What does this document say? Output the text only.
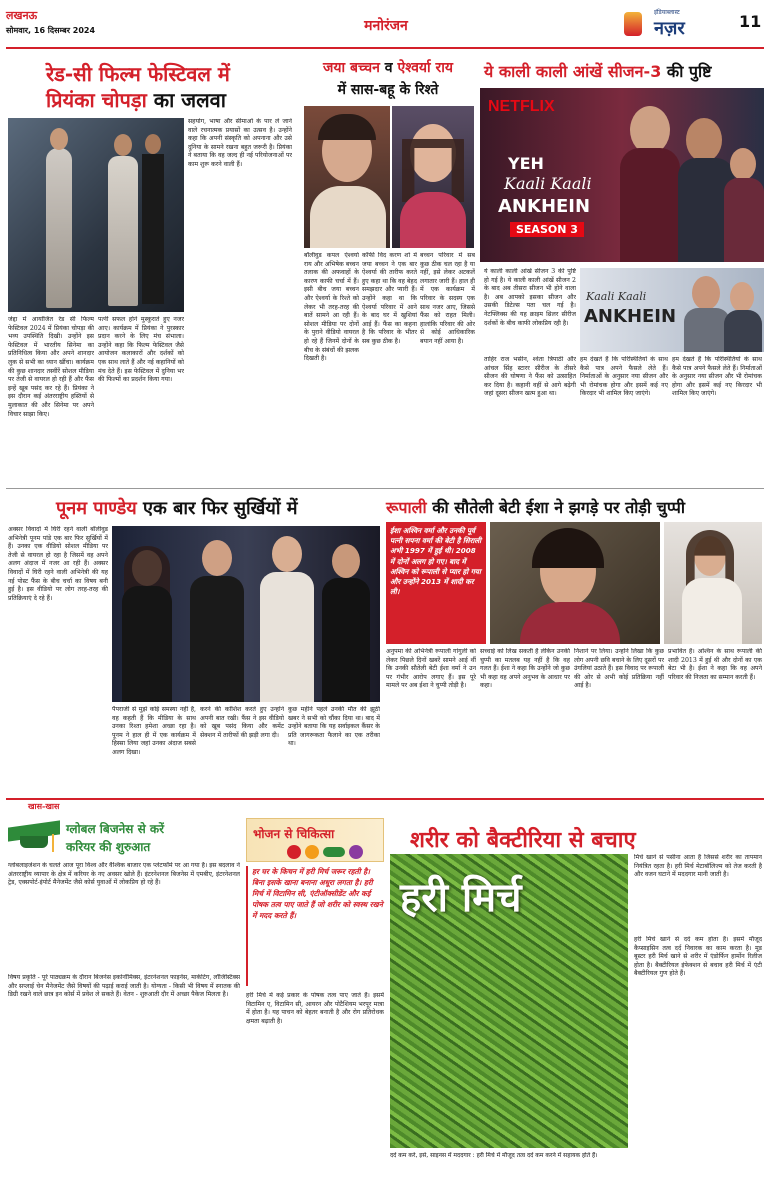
लखनऊ
सोमवार, 16 दिसम्बर 2024	मनोरंजन
इंडियाब्लास्ट
नज़र	11
रेड-सी फिल्म फेस्टिवल में
प्रियंका चोपड़ा का जलवा
जेद्दा में आयोजित रेड सी फिल्म फेस्टिवल 2024 में प्रियंका चोपड़ा की भव्य उपस्थिति दिखी। उन्होंने इस फेस्टिवल में भारतीय सिनेमा का प्रतिनिधित्व किया और अपने शानदार लुक से सभी का ध्यान खींचा। कार्यक्रम की कुछ शानदार तस्वीरें सोशल मीडिया पर तेजी से वायरल हो रही हैं और फैंस इन्हें खूब पसंद कर रहे हैं। प्रियंका ने इस दौरान कई अंतरराष्ट्रीय हस्तियों से मुलाकात की और सिनेमा पर अपने विचार साझा किए।
पत्नी सफल होने मुस्कुराते हुए नजर आए। कार्यक्रम में प्रियंका ने पुरस्कार प्रदान करने के लिए मंच संभाला। उन्होंने कहा कि फिल्म फेस्टिवल जैसे आयोजन कलाकारों और दर्शकों को एक साथ लाते हैं और नई कहानियों को मंच देते हैं। इस फेस्टिवल में दुनिया भर की फिल्मों का प्रदर्शन किया गया।
सहयोग, भाषा और सीमाओं के पार ले जाने वाले रचनात्मक प्रयासों का उत्सव है। उन्होंने कहा कि अपनी संस्कृति को अपनाना और उसे दुनिया के सामने रखना बहुत जरूरी है। प्रियंका ने बताया कि वह जल्द ही नई परियोजनाओं पर काम शुरू करने वाली हैं।
जया बच्चन व ऐश्वर्या राय
में सास-बहू के रिश्ते
बॉलीवुड कपल ऐश्वर्या राय और अभिषेक बच्चन तलाक की अफवाहों के कारण काफी चर्चा में हैं। इसी बीच जया बच्चन और ऐश्वर्या के रिश्ते को लेकर भी तरह-तरह की बातें सामने आ रही हैं। सोशल मीडिया पर दोनों के पुराने वीडियो वायरल हो रहे हैं जिनमें दोनों के बीच के संबंधों की झलक दिखती है।
कॉफी विद करण शो में जया बच्चन ने एक बार ऐश्वर्या की तारीफ करते हुए कहा था कि वह बेहद समझदार और प्यारी हैं। उन्होंने कहा था कि ऐश्वर्या परिवार में आने के बाद घर में खुशियां आई हैं। फैंस का कहना है कि परिवार के भीतर सब कुछ ठीक है।
बच्चन परिवार में सब कुछ ठीक चल रहा है या नहीं, इसे लेकर अटकलें लगातार जारी हैं। हाल ही में एक कार्यक्रम में परिवार के सदस्य एक साथ नजर आए, जिससे फैंस को राहत मिली। हालांकि परिवार की ओर से कोई आधिकारिक बयान नहीं आया है।
ये काली काली आंखें सीजन-3 की पुष्टि
NETFLIX
YEH
Kaali Kaali
ANKHEIN
SEASON 3
ये काली काली आंखें सीजन 3 की पुष्टि हो गई है। ये काली काली आंखें सीजन 2 के बाद अब तीसरा सीजन भी होने वाला है। अब आपको इसका सीजन और उसकी डिटेल्स पता चल गई है। नेटफ्लिक्स की यह क्राइम थ्रिलर सीरीज दर्शकों के बीच काफी लोकप्रिय रही है।
Kaali Kaali
ANKHEIN
ताहिर राज भसीन, श्वेता त्रिपाठी और आंचल सिंह स्टारर सीरीज के तीसरे सीजन की घोषणा ने फैंस को उत्साहित कर दिया है। कहानी वहीं से आगे बढ़ेगी जहां दूसरा सीजन खत्म हुआ था।
हम देखते हैं कि परिस्थितियों के साथ कैसे पात्र अपने फैसले लेते हैं। निर्माताओं के अनुसार नया सीजन और भी रोमांचक होगा और इसमें कई नए किरदार भी शामिल किए जाएंगे।
हम देखते हैं कि परिस्थितियों के साथ कैसे पात्र अपने फैसले लेते हैं। निर्माताओं के अनुसार नया सीजन और भी रोमांचक होगा और इसमें कई नए किरदार भी शामिल किए जाएंगे।
पूनम पाण्डेय एक बार फिर सुर्खियों में
अक्सर विवादों में घिरी रहने वाली बॉलीवुड अभिनेत्री पूनम पांडे एक बार फिर सुर्खियों में हैं। उनका एक वीडियो सोशल मीडिया पर तेजी से वायरल हो रहा है जिसमें वह अपने अलग अंदाज में नजर आ रही हैं। अक्सर विवादों में घिरी रहने वाली अभिनेत्री की यह नई पोस्ट फैंस के बीच चर्चा का विषय बनी हुई है। इस वीडियो पर लोग तरह-तरह की प्रतिक्रियाएं दे रहे हैं।
पैपराजी से मुझे कोई समस्या नहीं है, वह कहती हैं कि मीडिया के साथ उनका रिश्ता हमेशा अच्छा रहा है। पूनम ने हाल ही में एक कार्यक्रम में हिस्सा लिया जहां उनका अंदाज सबसे अलग दिखा।
करने की कोशिश करते हुए उन्होंने अपनी बात रखी। फैंस ने इस वीडियो को खूब पसंद किया और कमेंट सेक्शन में तारीफों की झड़ी लगा दी।
कुछ महीने पहले उनकी मौत की झूठी खबर ने सभी को चौंका दिया था। बाद में उन्होंने बताया कि यह सर्वाइकल कैंसर के प्रति जागरूकता फैलाने का एक तरीका था।
रूपाली की सौतेली बेटी ईशा ने झगड़े पर तोड़ी चुप्पी
ईशा अश्विन वर्मा और उनकी पूर्व पत्नी सपना वर्मा की बेटी है सिराली अभी 1997 में हुई थी। 2008 में दोनों अलग हो गए। बाद में अश्विन को रूपाली से प्यार हो गया और उन्होंने 2013 में शादी कर ली।
अनुपमा की अभिनेत्री रूपाली गांगुली को लेकर पिछले दिनों खबरें सामने आई थीं कि उनकी सौतेली बेटी ईशा वर्मा ने उन पर गंभीर आरोप लगाए हैं। इस पूरे मामले पर अब ईशा ने चुप्पी तोड़ी है।
सच्चाई को लिख सकती है लेकिन उनकी चुप्पी का मतलब यह नहीं है कि वह गलत हैं। ईशा ने कहा कि उन्होंने जो कुछ भी कहा वह अपने अनुभव के आधार पर कहा।
निशाने पर लिया। उन्होंने लिखा कि कुछ लोग अपनी छवि बचाने के लिए दूसरों पर उंगलियां उठाते हैं। इस विवाद पर रूपाली की ओर से अभी कोई प्रतिक्रिया नहीं आई है।
प्रभावित है। अश्विन के साथ रूपाली की शादी 2013 में हुई थी और दोनों का एक बेटा भी है। ईशा ने कहा कि वह अपने परिवार की निजता का सम्मान करती हैं।
खास-खास
ग्लोबल बिजनेस से करें
करियर की शुरुआत
ग्लोबलाइजेशन के चलते आज पूरा विश्व और वैश्विक बाजार एक प्लेटफॉर्म पर आ गया है। इस बदलाव ने अंतरराष्ट्रीय व्यापार के क्षेत्र में करियर के नए अवसर खोले हैं। इंटरनेशनल बिजनेस में एमबीए, इंटरनेशनल ट्रेड, एक्सपोर्ट-इंपोर्ट मैनेजमेंट जैसे कोर्स युवाओं में लोकप्रिय हो रहे हैं।
विषय प्रकृति - पूरे पाठ्यक्रम के दौरान बिजनेस इकोनॉमिक्स, इंटरनेशनल फाइनेंस, मार्केटिंग, लॉजिस्टिक्स और सप्लाई चेन मैनेजमेंट जैसे विषयों की पढ़ाई कराई जाती है। योग्यता - किसी भी विषय में स्नातक की डिग्री रखने वाले छात्र इन कोर्स में प्रवेश ले सकते हैं। वेतन - शुरुआती दौर में अच्छा पैकेज मिलता है।
भोजन से चिकित्सा
हर घर के किचन में हरी मिर्च जरूर रहती है। बिना इसके खाना बनाना अधूरा लगता है। हरी मिर्च में विटामिन सी, एंटीऑक्सीडेंट और कई पोषक तत्व पाए जाते हैं जो शरीर को स्वस्थ रखने में मदद करते हैं।
हरी मिर्च में कई प्रकार के पोषक तत्व पाए जाते हैं। इसमें विटामिन ए, विटामिन सी, आयरन और पोटैशियम भरपूर मात्रा में होता है। यह पाचन को बेहतर बनाती है और रोग प्रतिरोधक क्षमता बढ़ाती है।
शरीर को बैक्टीरिया से बचाए
हरी मिर्च
दर्द कम करे, इसे, साइनस में मददगार : हरी मिर्च में मौजूद तत्व दर्द कम करने में सहायक होते हैं।
मिर्च खाने से पसीना आता है जिससे शरीर का तापमान नियंत्रित रहता है। हरी मिर्च मेटाबॉलिज्म को तेज करती है और वजन घटाने में मददगार मानी जाती है।
हरी मिर्च खाने से दर्द कम होता है। इसमें मौजूद कैप्साइसिन तत्व दर्द निवारक का काम करता है। मूड बूस्टर हरी मिर्च खाने से शरीर में एंडोर्फिन हार्मोन रिलीज होता है। बैक्टीरियल इंफेक्शन से बचाव हरी मिर्च में एंटी बैक्टीरियल गुण होते हैं।
